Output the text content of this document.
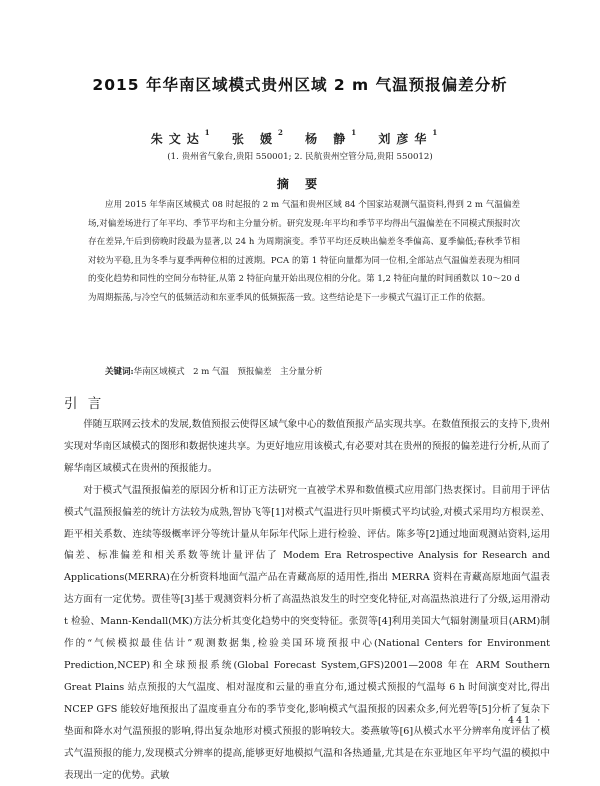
2015 年华南区域模式贵州区域 2 m 气温预报偏差分析
朱文达$^1$ 张 媛$^2$ 杨 静$^1$ 刘彦华$^1$
(1. 贵州省气象台,贵阳 550001; 2. 民航贵州空管分局,贵阳 550012)
摘 要
应用 2015 年华南区域模式 08 时起报的 2 m 气温和贵州区域 84 个国家站观测气温资料,得到 2 m 气温偏差场,对偏差场进行了年平均、季节平均和主分量分析。研究发现:年平均和季节平均得出气温偏差在不同模式预报时次存在差异,午后到傍晚时段最为显著,以 24 h 为周期演变。季节平均还反映出偏差冬季偏高、夏季偏低;春秋季节相对较为平稳,且为冬季与夏季两种位相的过渡期。PCA 的第 1 特征向量都为同一位相,全部站点气温偏差表现为相同的变化趋势和同性的空间分布特征,从第 2 特征向量开始出现位相的分化。第 1,2 特征向量的时间函数以 10～20 d 为周期振荡,与冷空气的低频活动和东亚季风的低频振荡一致。这些结论是下一步模式气温订正工作的依据。
关键词:华南区域模式　2 m 气温　预报偏差　主分量分析
引 言

伴随互联网云技术的发展,数值预报云使得区域气象中心的数值预报产品实现共享。在数值预报云的支持下,贵州实现对华南区域模式的图形和数据快速共享。为更好地应用该模式,有必要对其在贵州的预报的偏差进行分析,从而了解华南区域模式在贵州的预报能力。

对于模式气温预报偏差的原因分析和订正方法研究一直被学术界和数值模式应用部门热衷探讨。目前用于评估模式气温预报偏差的统计方法较为成熟,智协飞等[1]对模式气温进行贝叶斯模式平均试验,对模式采用均方根误差、距平相关系数、连续等级概率评分等统计量从年际年代际上进行检验、评估。陈多等[2]通过地面观测站资料,运用偏差、标准偏差和相关系数等统计量评估了 Modem Era Retrospective Analysis for Research and Applications(MERRA)在分析资料地面气温产品在青藏高原的适用性,指出 MERRA 资料在青藏高原地面气温表达方面有一定优势。贾佳等[3]基于观测资料分析了高温热浪发生的时空变化特征,对高温热浪进行了分级,运用滑动 t 检验、Mann-Kendall(MK)方法分析其变化趋势中的突变特征。张贺等[4]利用美国大气辐射测量项目(ARM)制作的“气候模拟最佳估计”观测数据集,检验美国环境预报中心(National Centers for Environment Prediction,NCEP)和全球预报系统(Global Forecast System,GFS)2001—2008 年在 ARM Southern Great Plains 站点预报的大气温度、相对湿度和云量的垂直分布,通过模式预报的气温每 6 h 时间演变对比,得出 NCEP GFS 能较好地预报出了温度垂直分布的季节变化,影响模式气温预报的因素众多,何光碧等[5]分析了复杂下垫面和降水对气温预报的影响,得出复杂地形对模式预报的影响较大。娄燕敏等[6]从模式水平分辨率角度评估了模式气温预报的能力,发现模式分辨率的提高,能够更好地模拟气温和各热通量,尤其是在东亚地区年平均气温的模拟中表现出一定的优势。武敏

· 441 ·
